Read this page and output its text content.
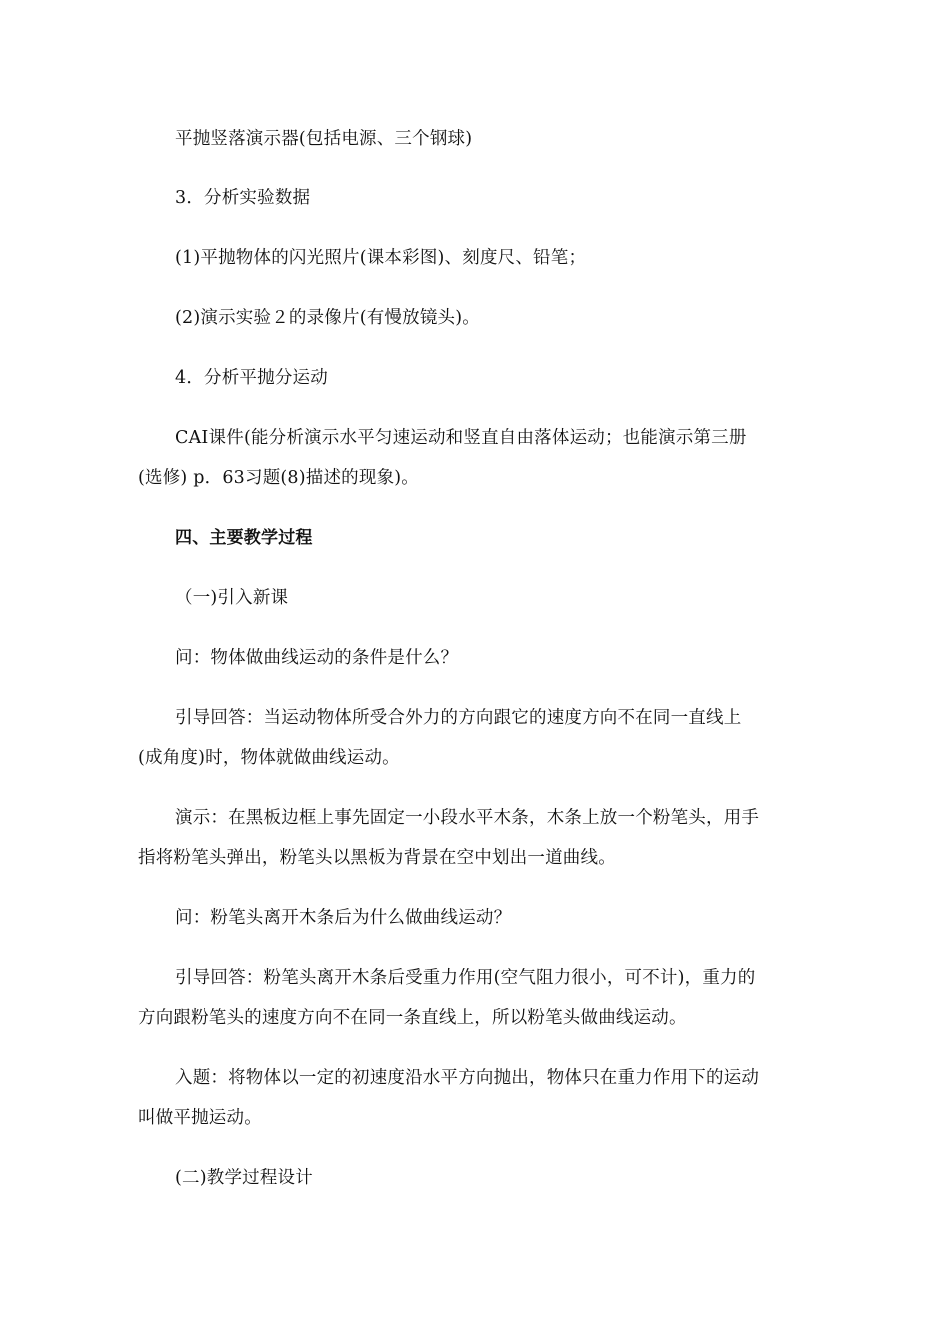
平抛竖落演示器(包括电源、三个钢球)
3．分析实验数据
(1)平抛物体的闪光照片(课本彩图)、刻度尺、铅笔；
(2)演示实验２的录像片(有慢放镜头)。
4．分析平抛分运动
CAI课件(能分析演示水平匀速运动和竖直自由落体运动；也能演示第三册
(选修) p．63习题(8)描述的现象)。
四、主要教学过程
（一)引入新课
问：物体做曲线运动的条件是什么？
引导回答：当运动物体所受合外力的方向跟它的速度方向不在同一直线上
(成角度)时，物体就做曲线运动。
演示：在黑板边框上事先固定一小段水平木条，木条上放一个粉笔头，用手
指将粉笔头弹出，粉笔头以黑板为背景在空中划出一道曲线。
问：粉笔头离开木条后为什么做曲线运动？
引导回答：粉笔头离开木条后受重力作用(空气阻力很小，可不计)，重力的
方向跟粉笔头的速度方向不在同一条直线上，所以粉笔头做曲线运动。
入题：将物体以一定的初速度沿水平方向抛出，物体只在重力作用下的运动
叫做平抛运动。
(二)教学过程设计
